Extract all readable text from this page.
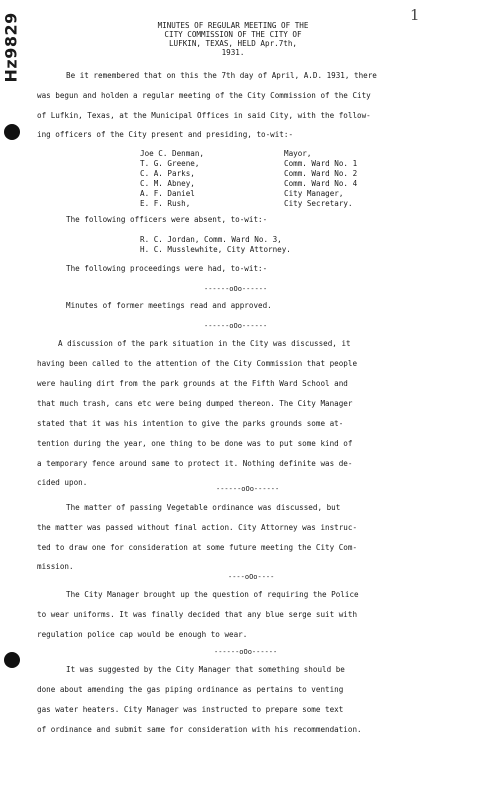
Hz9829	1
MINUTES OF REGULAR MEETING OF THE
CITY COMMISSION OF THE CITY OF
LUFKIN, TEXAS, HELD Apr.7th,
1931.
Be it remembered that on this the 7th day of April, A.D. 1931, there
was begun and holden a regular meeting of the City Commission of the City
of Lufkin, Texas, at the Municipal Offices in said City, with the follow-
ing officers of the City present and presiding, to-wit:-
Joe C. Denman,	Mayor,
T. G. Greene,	Comm. Ward No. 1
C. A. Parks,	Comm. Ward No. 2
C. M. Abney,	Comm. Ward No. 4
A. F. Daniel	City Manager,
E. F. Rush,	City Secretary.
The following officers were absent, to-wit:-
R. C. Jordan, Comm. Ward No. 3,
H. C. Musslewhite, City Attorney.
The following proceedings were had, to-wit:-
------oOo------
Minutes of former meetings read and approved.
------oOo------
A discussion of the park situation in the City was discussed, it
having been called to the attention of the City Commission that people
were hauling dirt from the park grounds at the Fifth Ward School and
that much trash, cans etc were being dumped thereon. The City Manager
stated that it was his intention to give the parks grounds some at-
tention during the year, one thing to be done was to put some kind of
a temporary fence around same to protect it. Nothing definite was de-
cided upon.
------oOo------
The matter of passing Vegetable ordinance was discussed, but
the matter was passed without final action. City Attorney was instruc-
ted to draw one for consideration at some future meeting the City Com-
mission.
----oOo----
The City Manager brought up the question of requiring the Police
to wear uniforms. It was finally decided that any blue serge suit with
regulation police cap would be enough to wear.
------oOo------
It was suggested by the City Manager that something should be
done about amending the gas piping ordinance as pertains to venting
gas water heaters. City Manager was instructed to prepare some text
of ordinance and submit same for consideration with his recommendation.
